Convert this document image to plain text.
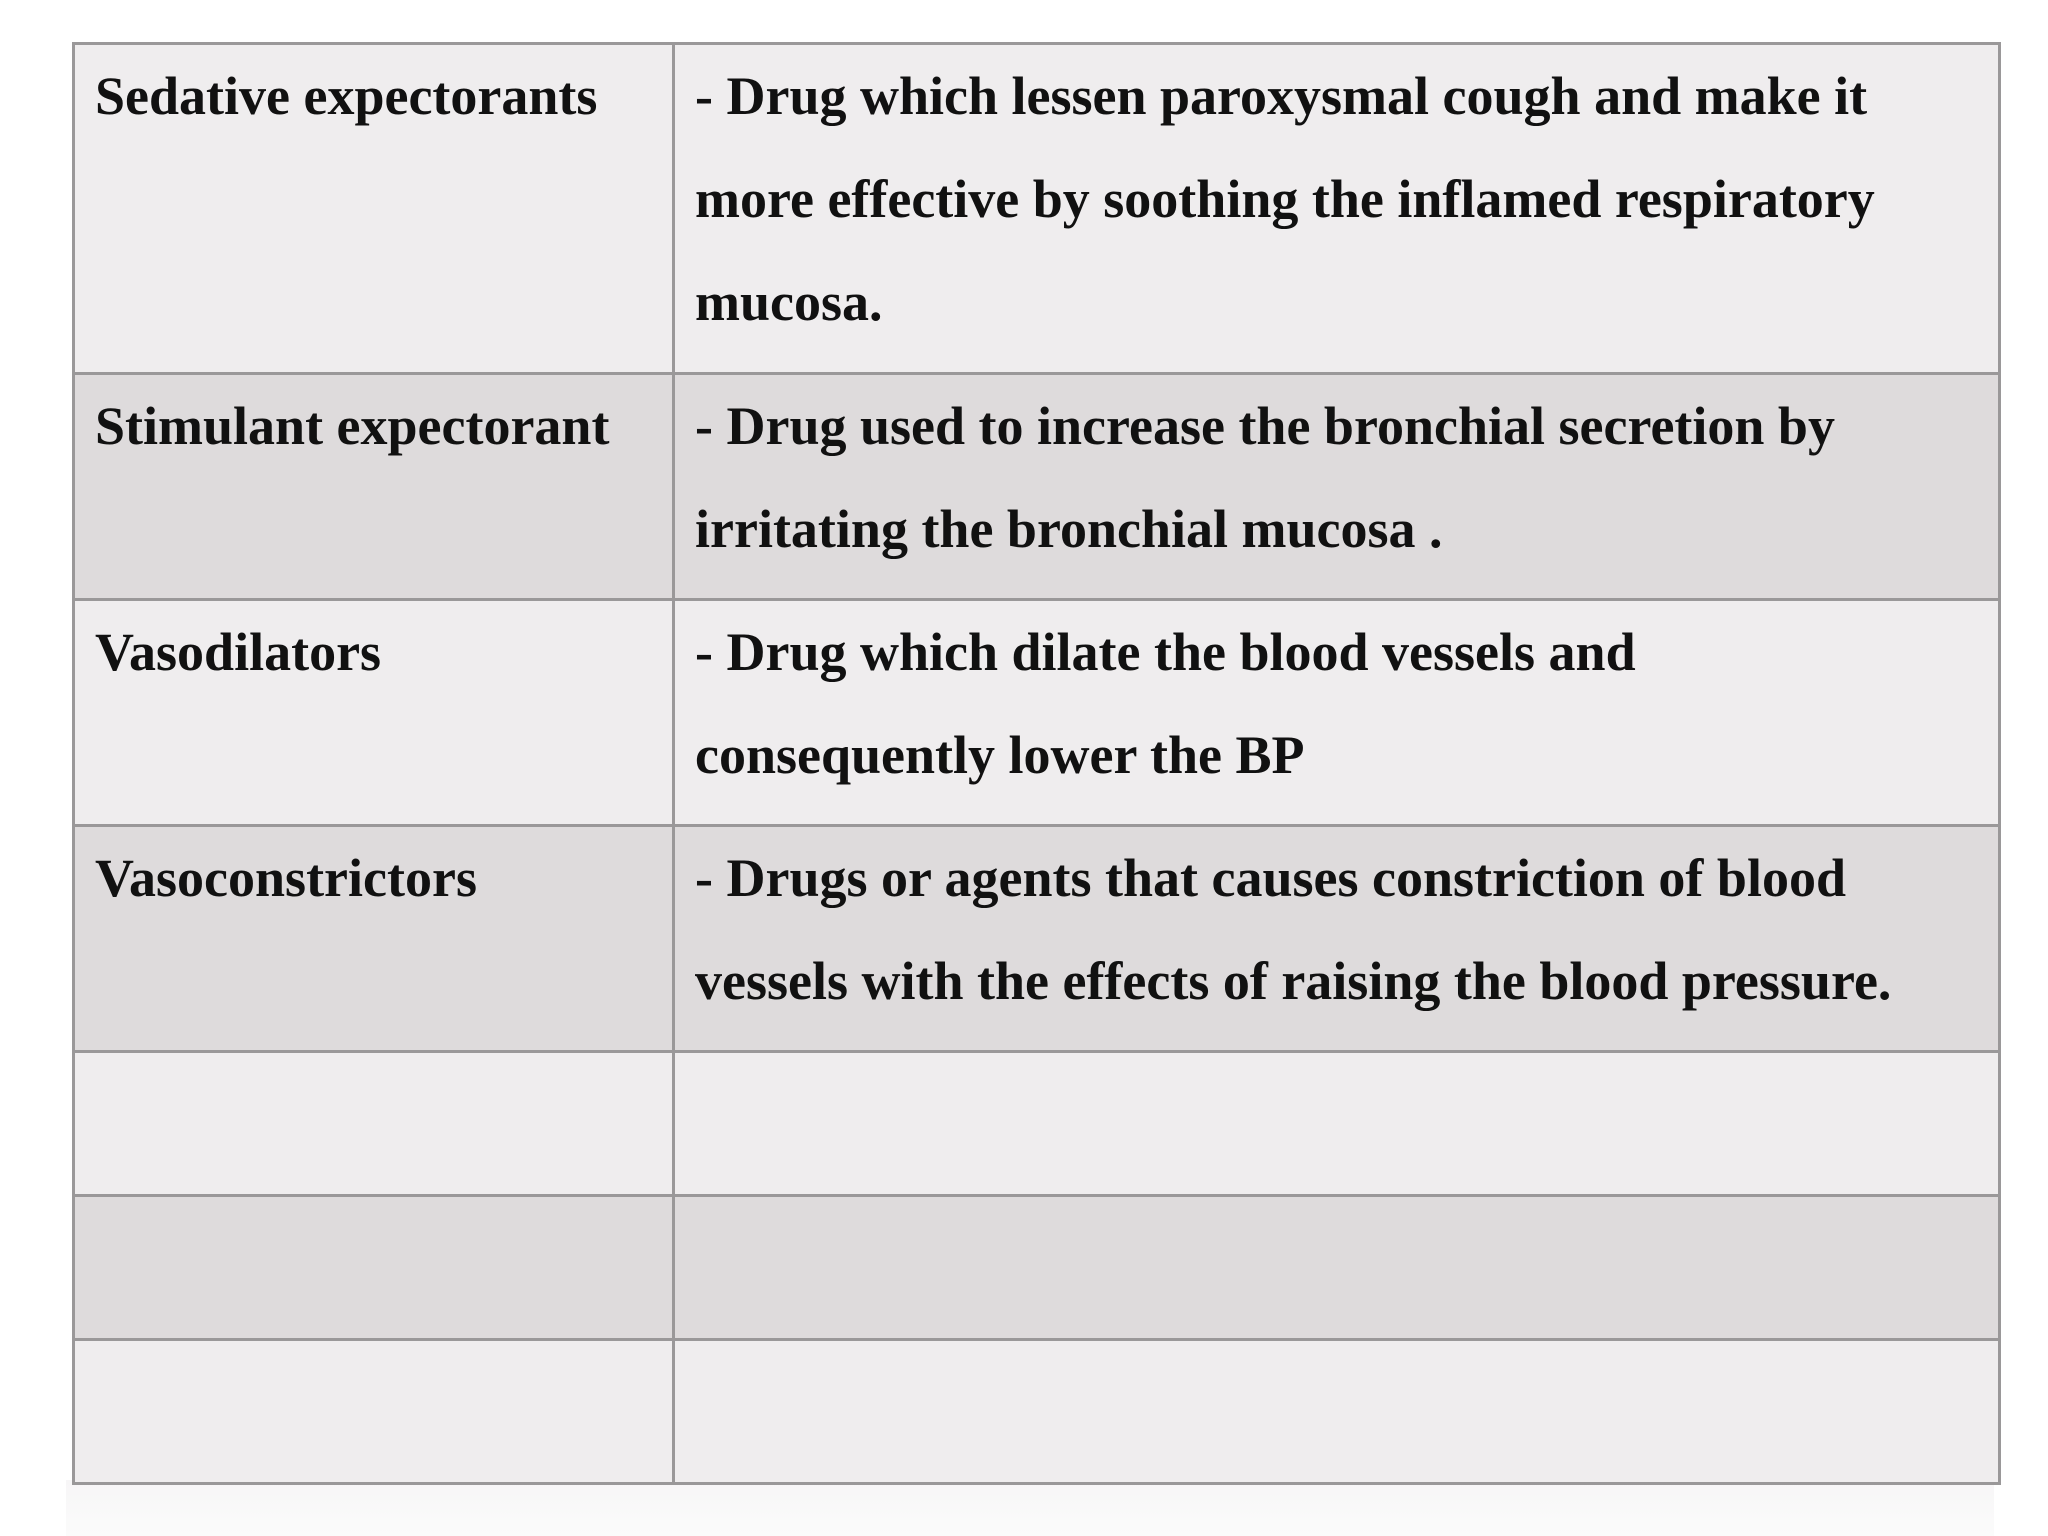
Sedative expectorants	- Drug which lessen paroxysmal cough and make it
more effective by soothing the inflamed respiratory
mucosa.

Stimulant expectorant	- Drug used to increase the bronchial secretion by
irritating the bronchial mucosa .

Vasodilators	- Drug which dilate the blood vessels and
consequently lower the BP

Vasoconstrictors	- Drugs or agents that causes constriction of blood
vessels with the effects of raising the blood pressure.
